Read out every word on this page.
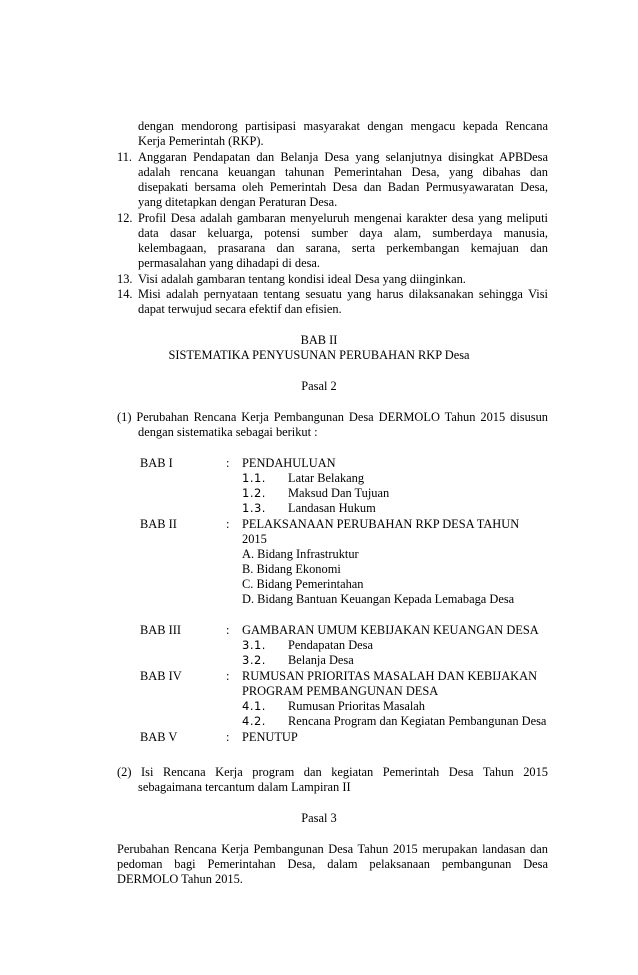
dengan mendorong partisipasi masyarakat dengan mengacu kepada Rencana
Kerja Pemerintah (RKP).
11. Anggaran Pendapatan dan Belanja Desa yang selanjutnya disingkat APBDesa
adalah rencana keuangan tahunan Pemerintahan Desa, yang dibahas dan
disepakati bersama oleh Pemerintah Desa dan Badan Permusyawaratan Desa,
yang ditetapkan dengan Peraturan Desa.
12. Profil Desa adalah gambaran menyeluruh mengenai karakter desa yang meliputi
data dasar keluarga, potensi sumber daya alam, sumberdaya manusia,
kelembagaan, prasarana dan sarana, serta perkembangan kemajuan dan
permasalahan yang dihadapi di desa.
13. Visi adalah gambaran tentang kondisi ideal Desa yang diinginkan.
14. Misi adalah pernyataan tentang sesuatu yang harus dilaksanakan sehingga Visi
dapat terwujud secara efektif dan efisien.
BAB II
SISTEMATIKA PENYUSUNAN PERUBAHAN RKP Desa
Pasal 2
(1) Perubahan Rencana Kerja Pembangunan Desa DERMOLO Tahun 2015 disusun
dengan sistematika sebagai berikut :
BAB I	: PENDAHULUAN
1.1. Latar Belakang
1.2. Maksud Dan Tujuan
1.3. Landasan Hukum
BAB II	: PELAKSANAAN PERUBAHAN RKP DESA TAHUN
2015
A. Bidang Infrastruktur
B. Bidang Ekonomi
C. Bidang Pemerintahan
D. Bidang Bantuan Keuangan Kepada Lemabaga Desa
BAB III	: GAMBARAN UMUM KEBIJAKAN KEUANGAN DESA
3.1. Pendapatan Desa
3.2. Belanja Desa
BAB IV	: RUMUSAN PRIORITAS MASALAH DAN KEBIJAKAN
PROGRAM PEMBANGUNAN DESA
4.1. Rumusan Prioritas Masalah
4.2. Rencana Program dan Kegiatan Pembangunan Desa
BAB V	: PENUTUP
(2) Isi Rencana Kerja program dan kegiatan Pemerintah Desa Tahun 2015
sebagaimana tercantum dalam Lampiran II
Pasal 3
Perubahan Rencana Kerja Pembangunan Desa Tahun 2015 merupakan landasan dan
pedoman bagi Pemerintahan Desa, dalam pelaksanaan pembangunan Desa
DERMOLO Tahun 2015.
